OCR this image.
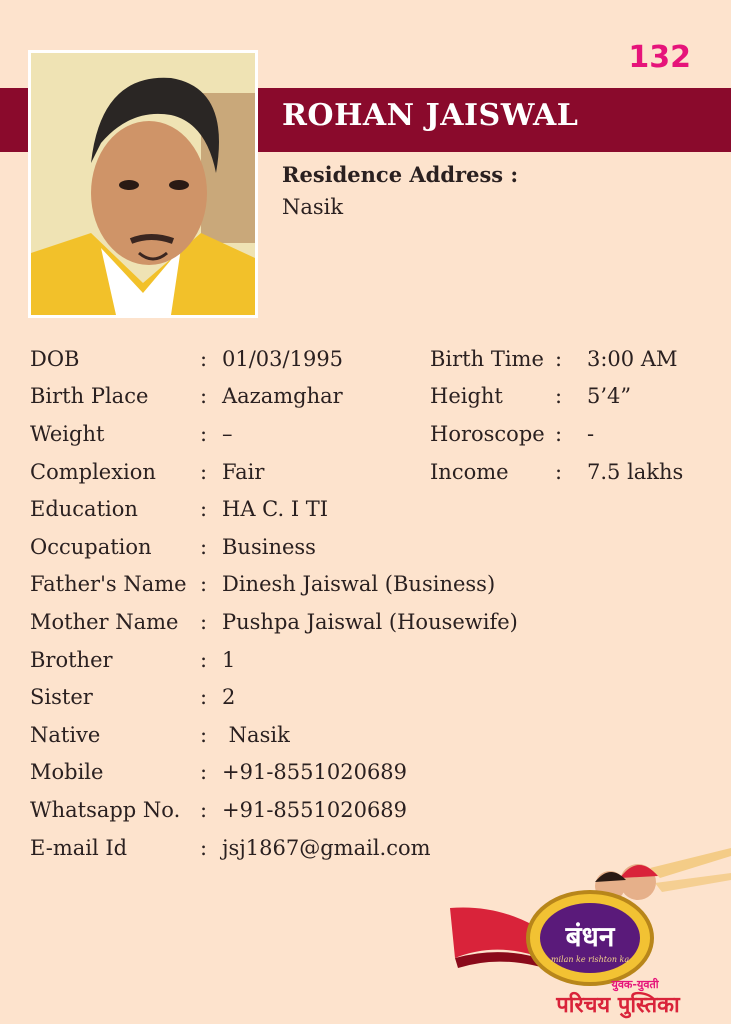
132
ROHAN JAISWAL
Residence Address :
Nasik
DOB	: 01/03/1995	Birth Time :	3:00 AM
Birth Place	: Aazamghar	Height	:	5’4”
Weight	: –	Horoscope :	-
Complexion	: Fair	Income	:	7.5 lakhs
Education	: HA C. I TI
Occupation	: Business
Father's Name : Dinesh Jaiswal (Business)
Mother Name	: Pushpa Jaiswal (Housewife)
Brother	: 1
Sister	: 2
Native	: Nasik
Mobile	: +91-8551020689
Whatsapp No. : +91-8551020689
E-mail Id	: jsj1867@gmail.com
बंधन
milan ke rishton ka
युवक-युवती
परिचय पुस्तिका
